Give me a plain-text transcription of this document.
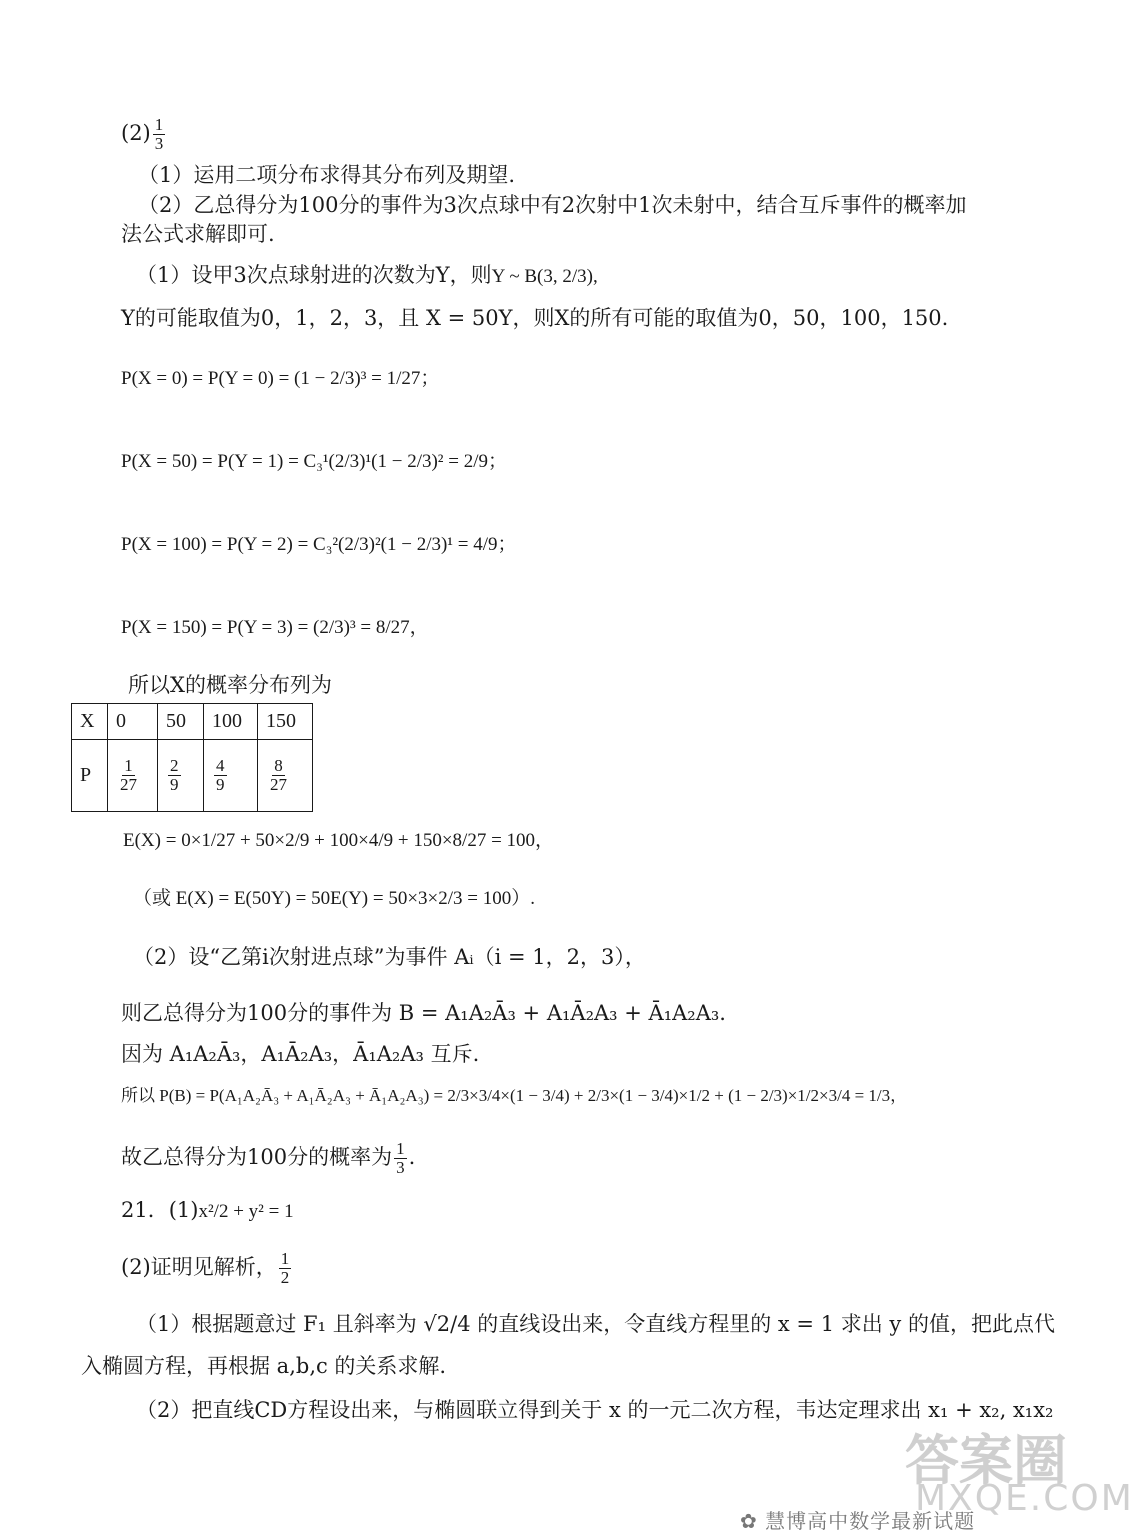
$(2) \frac{1}{3}$
（1）运用二项分布求得其分布列及期望.
（2）乙总得分为100分的事件为3次点球中有2次射中1次未射中，结合互斥事件的概率加
法公式求解即可.
（1）设甲3次点球射进的次数为Y，则Y ~ B(3, 2/3),
Y的可能取值为0，1，2，3，且 X = 50Y，则X的所有可能的取值为0，50，100，150.
P(X = 0) = P(Y = 0) = (1 − 2/3)³ = 1/27；
P(X = 50) = P(Y = 1) = C₃¹(2/3)¹(1 − 2/3)² = 2/9；
P(X = 100) = P(Y = 2) = C₃²(2/3)²(1 − 2/3)¹ = 4/9；
P(X = 150) = P(Y = 3) = (2/3)³ = 8/27，
所以X的概率分布列为
X	0	50	100	150

P	$\frac{1}{27}$	$\frac{2}{9}$	$\frac{4}{9}$	$\frac{8}{27}$
E(X) = 0×1/27 + 50×2/9 + 100×4/9 + 150×8/27 = 100，
（或 E(X) = E(50Y) = 50E(Y) = 50×3×2/3 = 100）.
（2）设“乙第i次射进点球”为事件 Aᵢ（i = 1，2，3），
则乙总得分为100分的事件为 B = A₁A₂Ā₃ + A₁Ā₂A₃ + Ā₁A₂A₃.
因为 A₁A₂Ā₃，A₁Ā₂A₃，Ā₁A₂A₃ 互斥.
所以 P(B) = P(A₁A₂Ā₃ + A₁Ā₂A₃ + Ā₁A₂A₃) = 2/3×3/4×(1 − 3/4) + 2/3×(1 − 3/4)×1/2 + (1 − 2/3)×1/2×3/4 = 1/3，
故乙总得分为100分的概率为 $\frac{1}{3}$ .
21．(1)x²/2 + y² = 1
(2)证明见解析， $\frac{1}{2}$
（1）根据题意过 F₁ 且斜率为 √2/4 的直线设出来，令直线方程里的 x = 1 求出 y 的值，把此点代
入椭圆方程，再根据 a,b,c 的关系求解.
（2）把直线CD方程设出来，与椭圆联立得到关于 x 的一元二次方程，韦达定理求出 x₁ + x₂, x₁x₂
答案圈
MXQE.COM
✿ 慧博高中数学最新试题
